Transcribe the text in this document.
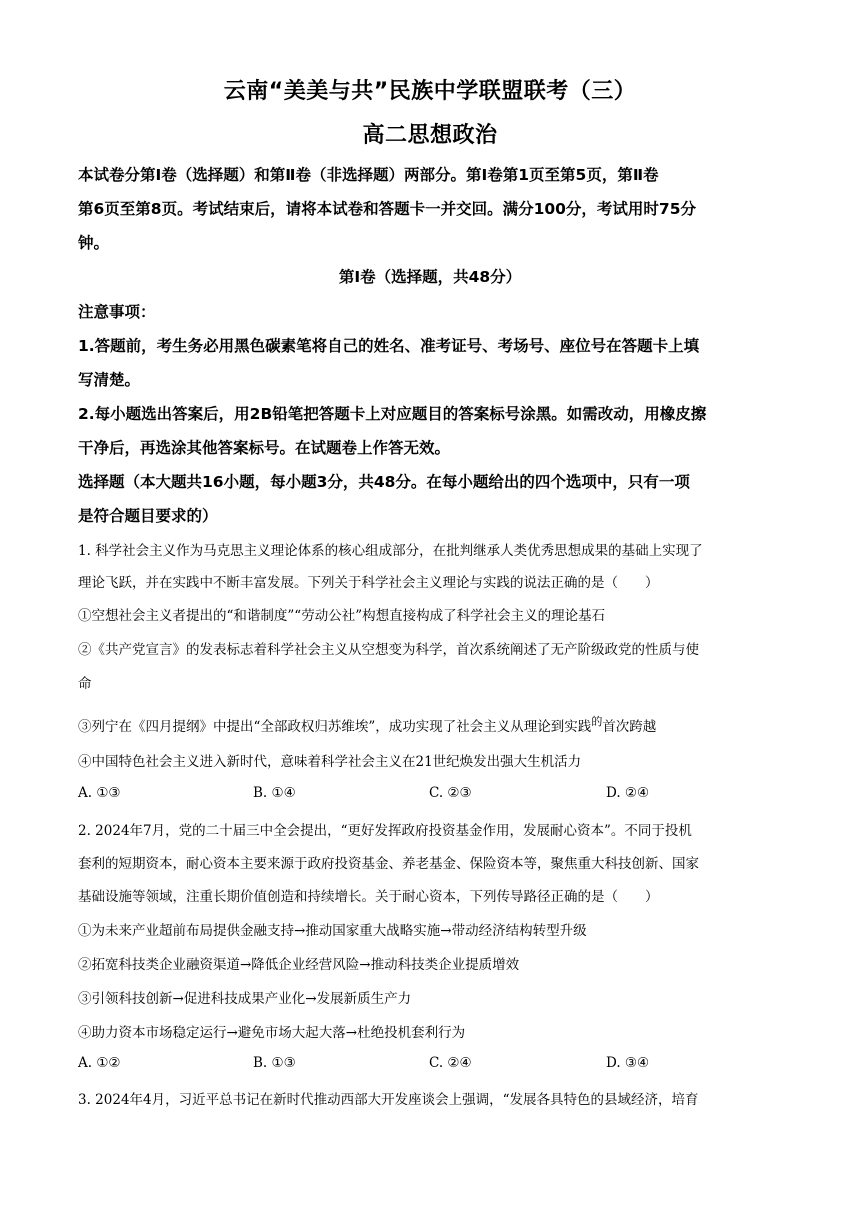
云南“美美与共”民族中学联盟联考（三）
高二思想政治
本试卷分第Ⅰ卷（选择题）和第Ⅱ卷（非选择题）两部分。第Ⅰ卷第1页至第5页，第Ⅱ卷
第6页至第8页。考试结束后，请将本试卷和答题卡一并交回。满分100分，考试用时75分
钟。
第Ⅰ卷（选择题，共48分）
注意事项：
1.答题前，考生务必用黑色碳素笔将自己的姓名、准考证号、考场号、座位号在答题卡上填
写清楚。
2.每小题选出答案后，用2B铅笔把答题卡上对应题目的答案标号涂黑。如需改动，用橡皮擦
干净后，再选涂其他答案标号。在试题卷上作答无效。
选择题（本大题共16小题，每小题3分，共48分。在每小题给出的四个选项中，只有一项
是符合题目要求的）
1. 科学社会主义作为马克思主义理论体系的核心组成部分，在批判继承人类优秀思想成果的基础上实现了
理论飞跃，并在实践中不断丰富发展。下列关于科学社会主义理论与实践的说法正确的是（　　）
①空想社会主义者提出的“和谐制度”“劳动公社”构想直接构成了科学社会主义的理论基石
②《共产党宣言》的发表标志着科学社会主义从空想变为科学，首次系统阐述了无产阶级政党的性质与使
命
③列宁在《四月提纲》中提出“全部政权归苏维埃”，成功实现了社会主义从理论到实践$^的$首次跨越
④中国特色社会主义进入新时代，意味着科学社会主义在21世纪焕发出强大生机活力
A. ①③	B. ①④	C. ②③	D. ②④
2. 2024年7月，党的二十届三中全会提出，“更好发挥政府投资基金作用，发展耐心资本”。不同于投机
套利的短期资本，耐心资本主要来源于政府投资基金、养老基金、保险资本等，聚焦重大科技创新、国家
基础设施等领域，注重长期价值创造和持续增长。关于耐心资本，下列传导路径正确的是（　　）
①为未来产业超前布局提供金融支持→推动国家重大战略实施→带动经济结构转型升级
②拓宽科技类企业融资渠道→降低企业经营风险→推动科技类企业提质增效
③引领科技创新→促进科技成果产业化→发展新质生产力
④助力资本市场稳定运行→避免市场大起大落→杜绝投机套利行为
A. ①②	B. ①③	C. ②④	D. ③④
3. 2024年4月，习近平总书记在新时代推动西部大开发座谈会上强调，“发展各具特色的县域经济，培育
